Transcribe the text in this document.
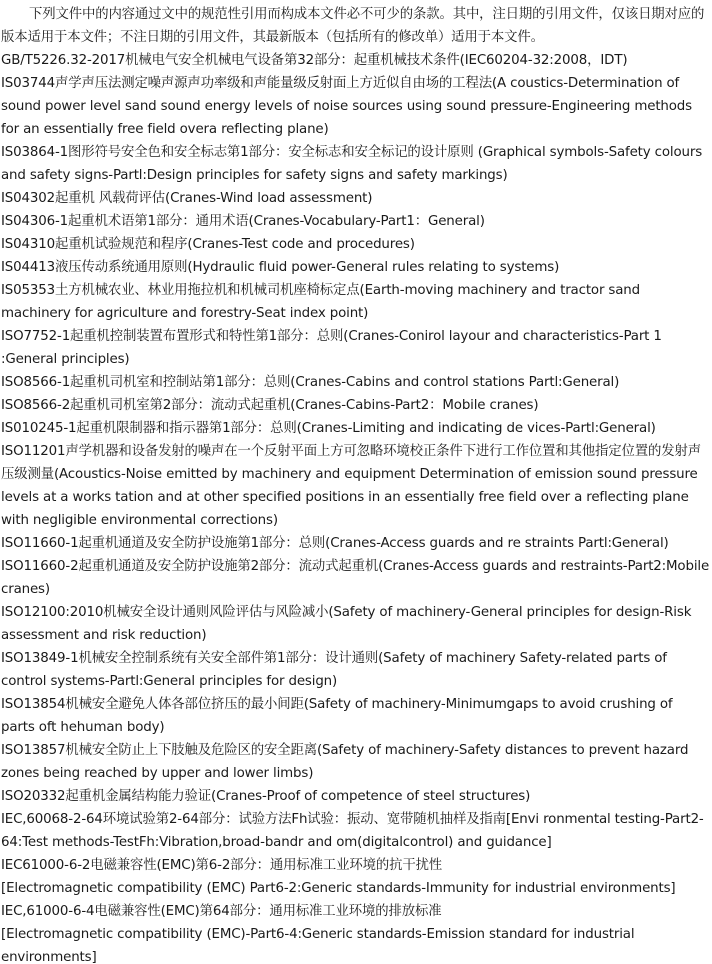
下列文件中的内容通过文中的规范性引用而构成本文件必不可少的条款。其中，注日期的引用文件，仅该日期对应的版本适用于本文件；不注日期的引用文件，其最新版本（包括所有的修改单）适用于本文件。

GB/T5226.32-2017机械电气安全机械电气设备第32部分：起重机械技术条件(IEC60204-32:2008，IDT)

IS03744声学声压法测定噪声源声功率级和声能量级反射面上方近似自由场的工程法(A coustics-Determination of sound power level sand sound energy levels of noise sources using sound pressure-Engineering methods for an essentially free field overa reflecting plane)

IS03864-1图形符号安全色和安全标志第1部分：安全标志和安全标记的设计原则 (Graphical symbols-Safety colours and safety signs-Partl:Design principles for safety signs and safety markings)

IS04302起重机 风载荷评估(Cranes-Wind load assessment)

IS04306-1起重机术语第1部分：通用术语(Cranes-Vocabulary-Part1：General)

IS04310起重机试验规范和程序(Cranes-Test code and procedures)

IS04413液压传动系统通用原则(Hydraulic fluid power-General rules relating to systems)

IS05353土方机械农业、林业用拖拉机和机械司机座椅标定点(Earth-moving machinery and tractor sand machinery for agriculture and forestry-Seat index point)

ISO7752-1起重机控制装置布置形式和特性第1部分：总则(Cranes-Conirol layour and characteristics-Part 1 :General principles)

ISO8566-1起重机司机室和控制站第1部分：总则(Cranes-Cabins and control stations Partl:General)

ISO8566-2起重机司机室第2部分：流动式起重机(Cranes-Cabins-Part2：Mobile cranes)

IS010245-1起重机限制器和指示器第1部分：总则(Cranes-Limiting and indicating de vices-Partl:General)

ISO11201声学机器和设备发射的噪声在一个反射平面上方可忽略环境校正条件下进行工作位置和其他指定位置的发射声压级测量(Acoustics-Noise emitted by machinery and equipment Determination of emission sound pressure levels at a works tation and at other specified positions in an essentially free field over a reflecting plane with negligible environmental corrections)

ISO11660-1起重机通道及安全防护设施第1部分：总则(Cranes-Access guards and re straints Partl:General)

ISO11660-2起重机通道及安全防护设施第2部分：流动式起重机(Cranes-Access guards and restraints-Part2:Mobile cranes)

ISO12100:2010机械安全设计通则风险评估与风险减小(Safety of machinery-General principles for design-Risk assessment and risk reduction)

ISO13849-1机械安全控制系统有关安全部件第1部分：设计通则(Safety of machinery Safety-related parts of control systems-Partl:General principles for design)

ISO13854机械安全避免人体各部位挤压的最小间距(Safety of machinery-Minimumgaps to avoid crushing of parts oft hehuman body)

ISO13857机械安全防止上下肢触及危险区的安全距离(Safety of machinery-Safety distances to prevent hazard zones being reached by upper and lower limbs)

ISO20332起重机金属结构能力验证(Cranes-Proof of competence of steel structures)

IEC,60068-2-64环境试验第2-64部分：试验方法Fh试验：振动、宽带随机抽样及指南[Envi ronmental testing-Part2-64:Test methods-TestFh:Vibration,broad-bandr and om(digitalcontrol) and guidance]

IEC61000-6-2电磁兼容性(EMC)第6-2部分：通用标准工业环境的抗干扰性

[Electromagnetic compatibility (EMC) Part6-2:Generic standards-Immunity for industrial environments]

IEC,61000-6-4电磁兼容性(EMC)第64部分：通用标准工业环境的排放标准

[Electromagnetic compatibility (EMC)-Part6-4:Generic standards-Emission standard for industrial environments]
